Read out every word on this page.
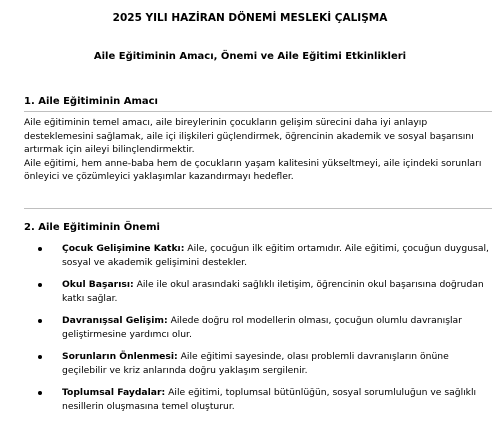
2025 YILI HAZİRAN DÖNEMİ MESLEKİ ÇALIŞMA
Aile Eğitiminin Amacı, Önemi ve Aile Eğitimi Etkinlikleri
1. Aile Eğitiminin Amacı

Aile eğitiminin temel amacı, aile bireylerinin çocukların gelişim sürecini daha iyi anlayıp desteklemesini sağlamak, aile içi ilişkileri güçlendirmek, öğrencinin akademik ve sosyal başarısını artırmak için aileyi bilinçlendirmektir.

Aile eğitimi, hem anne-baba hem de çocukların yaşam kalitesini yükseltmeyi, aile içindeki sorunları önleyici ve çözümleyici yaklaşımlar kazandırmayı hedefler.

2. Aile Eğitiminin Önemi
Çocuk Gelişimine Katkı: Aile, çocuğun ilk eğitim ortamıdır. Aile eğitimi, çocuğun duygusal, sosyal ve akademik gelişimini destekler.
Okul Başarısı: Aile ile okul arasındaki sağlıklı iletişim, öğrencinin okul başarısına doğrudan katkı sağlar.
Davranışsal Gelişim: Ailede doğru rol modellerin olması, çocuğun olumlu davranışlar geliştirmesine yardımcı olur.
Sorunların Önlenmesi: Aile eğitimi sayesinde, olası problemli davranışların önüne geçilebilir ve kriz anlarında doğru yaklaşım sergilenir.
Toplumsal Faydalar: Aile eğitimi, toplumsal bütünlüğün, sosyal sorumluluğun ve sağlıklı nesillerin oluşmasına temel oluşturur.
